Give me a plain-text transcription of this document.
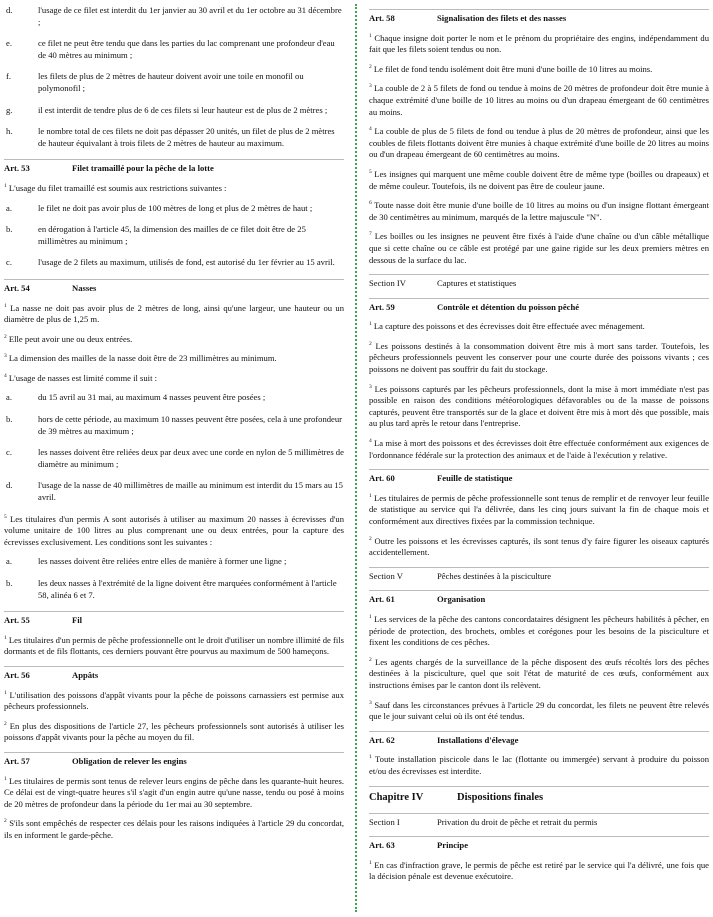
d.	l'usage de ce filet est interdit du 1er janvier au 30 avril et du 1er octobre au 31 décembre ;
e.	ce filet ne peut être tendu que dans les parties du lac comprenant une profondeur d'eau de 40 mètres au minimum ;
f.	les filets de plus de 2 mètres de hauteur doivent avoir une toile en monofil ou polymonofil ;
g.	il est interdit de tendre plus de 6 de ces filets si leur hauteur est de plus de 2 mètres ;
h.	le nombre total de ces filets ne doit pas dépasser 20 unités, un filet de plus de 2 mètres de hauteur équivalant à trois filets de 2 mètres de hauteur au maximum.
Art. 53	Filet tramaillé pour la pêche de la lotte
$^1$ L'usage du filet tramaillé est soumis aux restrictions suivantes :
a.	le filet ne doit pas avoir plus de 100 mètres de long et plus de 2 mètres de haut ;
b.	en dérogation à l'article 45, la dimension des mailles de ce filet doit être de 25 millimètres au minimum ;
c.	l'usage de 2 filets au maximum, utilisés de fond, est autorisé du 1er février au 15 avril.
Art. 54	Nasses
$^1$ La nasse ne doit pas avoir plus de 2 mètres de long, ainsi qu'une largeur, une hauteur ou un diamètre de plus de 1,25 m.
$^2$ Elle peut avoir une ou deux entrées.
$^3$ La dimension des mailles de la nasse doit être de 23 millimètres au minimum.
$^4$ L'usage de nasses est limité comme il suit :
a.	du 15 avril au 31 mai, au maximum 4 nasses peuvent être posées ;
b.	hors de cette période, au maximum 10 nasses peuvent être posées, cela à une profondeur de 39 mètres au maximum ;
c.	les nasses doivent être reliées deux par deux avec une corde en nylon de 5 millimètres de diamètre au minimum ;
d.	l'usage de la nasse de 40 millimètres de maille au minimum est interdit du 15 mars au 15 avril.
$^5$ Les titulaires d'un permis A sont autorisés à utiliser au maximum 20 nasses à écrevisses d'un volume unitaire de 100 litres au plus comprenant une ou deux entrées, pour la capture des écrevisses exclusivement. Les conditions sont les suivantes :
a.	les nasses doivent être reliées entre elles de manière à former une ligne ;
b.	les deux nasses à l'extrémité de la ligne doivent être marquées conformément à l'article 58, alinéa 6 et 7.
Art. 55	Fil
$^1$ Les titulaires d'un permis de pêche professionnelle ont le droit d'utiliser un nombre illimité de fils dormants et de fils flottants, ces derniers pouvant être pourvus au maximum de 500 hameçons.
Art. 56	Appâts
$^1$ L'utilisation des poissons d'appât vivants pour la pêche de poissons carnassiers est permise aux pêcheurs professionnels.
$^2$ En plus des dispositions de l'article 27, les pêcheurs professionnels sont autorisés à utiliser les poissons d'appât vivants pour la pêche au moyen du fil.
Art. 57	Obligation de relever les engins
$^1$ Les titulaires de permis sont tenus de relever leurs engins de pêche dans les quarante-huit heures. Ce délai est de vingt-quatre heures s'il s'agit d'un engin autre qu'une nasse, tendu ou posé à moins de 20 mètres de profondeur dans la période du 1er mai au 30 septembre.
$^2$ S'ils sont empêchés de respecter ces délais pour les raisons indiquées à l'article 29 du concordat, ils en informent le garde-pêche.
Art. 58	Signalisation des filets et des nasses
$^1$ Chaque insigne doit porter le nom et le prénom du propriétaire des engins, indépendamment du fait que les filets soient tendus ou non.
$^2$ Le filet de fond tendu isolément doit être muni d'une boille de 10 litres au moins.
$^3$ La couble de 2 à 5 filets de fond ou tendue à moins de 20 mètres de profondeur doit être munie à chaque extrémité d'une boille de 10 litres au moins ou d'un drapeau émergeant de 60 centimètres au moins.
$^4$ La couble de plus de 5 filets de fond ou tendue à plus de 20 mètres de profondeur, ainsi que les coubles de filets flottants doivent être munies à chaque extrémité d'une boille de 20 litres au moins ou d'un drapeau émergeant de 60 centimètres au moins.
$^5$ Les insignes qui marquent une même couble doivent être de même type (boilles ou drapeaux) et de même couleur. Toutefois, ils ne doivent pas être de couleur jaune.
$^6$ Toute nasse doit être munie d'une boille de 10 litres au moins ou d'un insigne flottant émergeant de 30 centimètres au minimum, marqués de la lettre majuscule "N".
$^7$ Les boilles ou les insignes ne peuvent être fixés à l'aide d'une chaîne ou d'un câble métallique que si cette chaîne ou ce câble est protégé par une gaine rigide sur les deux premiers mètres en dessous de la surface du lac.
Section IV	Captures et statistiques
Art. 59	Contrôle et détention du poisson pêché
$^1$ La capture des poissons et des écrevisses doit être effectuée avec ménagement.
$^2$ Les poissons destinés à la consommation doivent être mis à mort sans tarder. Toutefois, les pêcheurs professionnels peuvent les conserver pour une courte durée des poissons vivants ; ces poissons ne doivent pas souffrir du fait du stockage.
$^3$ Les poissons capturés par les pêcheurs professionnels, dont la mise à mort immédiate n'est pas possible en raison des conditions météorologiques défavorables ou de la masse de poissons capturés, peuvent être transportés sur de la glace et doivent être mis à mort dès que possible, mais au plus tard après le retour dans l'entreprise.
$^4$ La mise à mort des poissons et des écrevisses doit être effectuée conformément aux exigences de l'ordonnance fédérale sur la protection des animaux et de l'aide à l'exécution y relative.
Art. 60	Feuille de statistique
$^1$ Les titulaires de permis de pêche professionnelle sont tenus de remplir et de renvoyer leur feuille de statistique au service qui l'a délivrée, dans les cinq jours suivant la fin de chaque mois et conformément aux directives fixées par la commission technique.
$^2$ Outre les poissons et les écrevisses capturés, ils sont tenus d'y faire figurer les oiseaux capturés accidentellement.
Section V	Pêches destinées à la pisciculture
Art. 61	Organisation
$^1$ Les services de la pêche des cantons concordataires désignent les pêcheurs habilités à pêcher, en période de protection, des brochets, ombles et corégones pour les besoins de la pisciculture et fixent les conditions de ces pêches.
$^2$ Les agents chargés de la surveillance de la pêche disposent des œufs récoltés lors des pêches destinées à la pisciculture, quel que soit l'état de maturité de ces œufs, conformément aux instructions émises par le canton dont ils relèvent.
$^3$ Sauf dans les circonstances prévues à l'article 29 du concordat, les filets ne peuvent être relevés que le jour suivant celui où ils ont été tendus.
Art. 62	Installations d'élevage
$^1$ Toute installation piscicole dans le lac (flottante ou immergée) servant à produire du poisson et/ou des écrevisses est interdite.
Chapitre IV	Dispositions finales
Section I	Privation du droit de pêche et retrait du permis
Art. 63	Principe
$^1$ En cas d'infraction grave, le permis de pêche est retiré par le service qui l'a délivré, une fois que la décision pénale est devenue exécutoire.
